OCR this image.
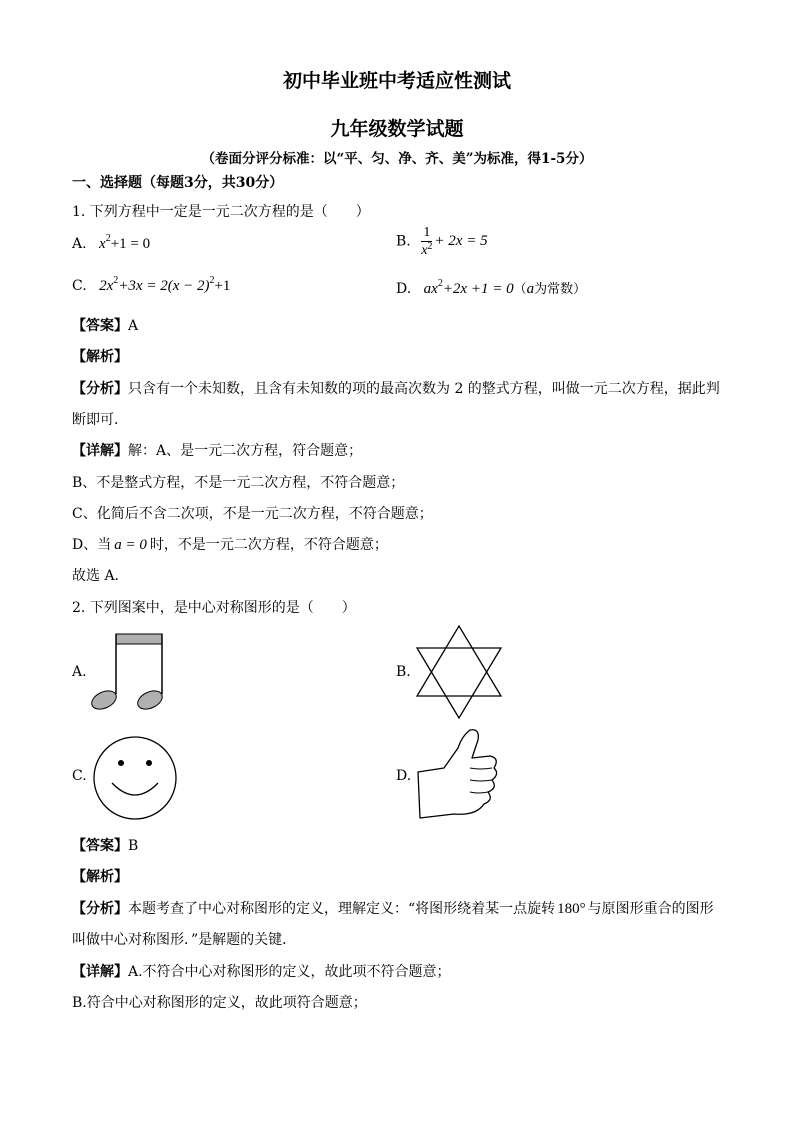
初中毕业班中考适应性测试
九年级数学试题
（卷面分评分标准：以“平、匀、净、齐、美”为标准，得1-5分）
一、选择题（每题3分，共30分）
1. 下列方程中一定是一元二次方程的是（　　）
A. $x^2+1 = 0$	B. $\frac{1}{x^2} + 2x = 5$
C. $2x^2+3x = 2(x - 2)^2+1$	D. $ax^2+2x +1 = 0(a$为常数）
【答案】A
【解析】
【分析】只含有一个未知数，且含有未知数的项的最高次数为 2 的整式方程，叫做一元二次方程，据此判
断即可．
【详解】解：A、是一元二次方程，符合题意；
B、不是整式方程，不是一元二次方程，不符合题意；
C、化简后不含二次项，不是一元二次方程，不符合题意；
D、当 a = 0 时，不是一元二次方程，不符合题意；
故选 A．
2. 下列图案中，是中心对称图形的是（　　）
A.	B.
C.	D.
【答案】B
【解析】
【分析】本题考查了中心对称图形的定义，理解定义：“将图形绕着某一点旋转 180° 与原图形重合的图形
叫做中心对称图形．”是解题的关键．
【详解】A.不符合中心对称图形的定义，故此项不符合题意；
B.符合中心对称图形的定义，故此项符合题意；
